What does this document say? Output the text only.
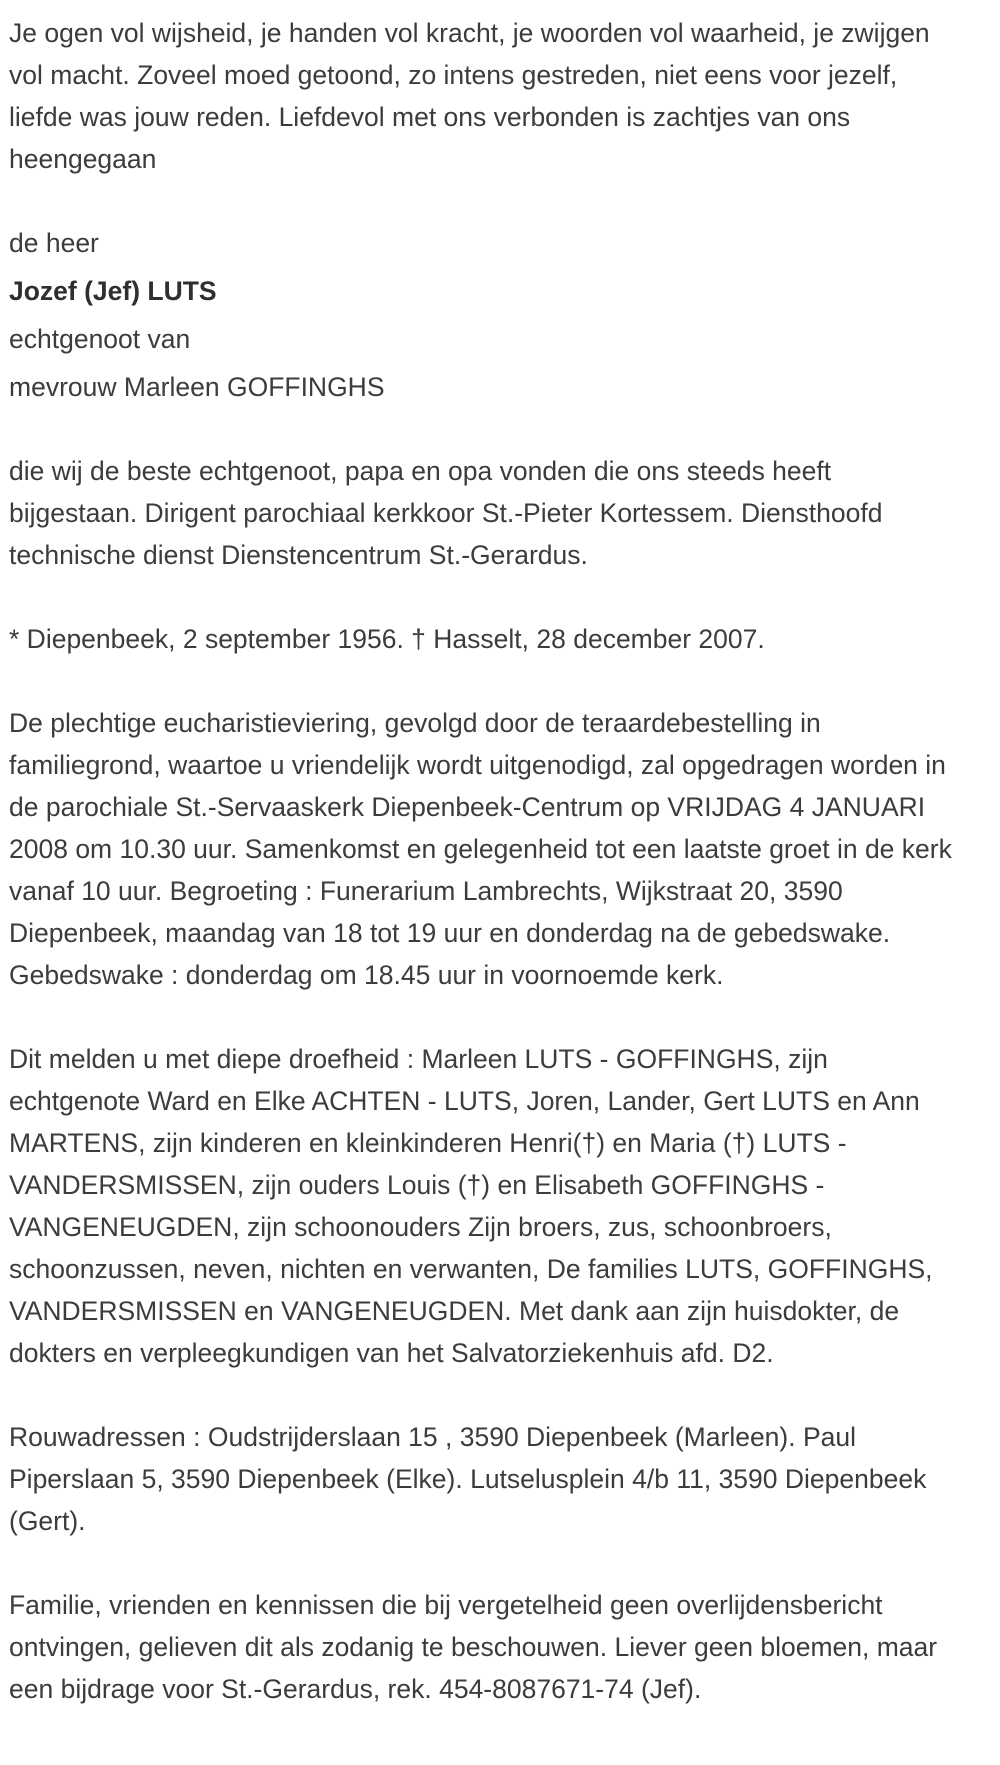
Je ogen vol wijsheid, je handen vol kracht, je woorden vol waarheid, je zwijgen vol macht. Zoveel moed getoond, zo intens gestreden, niet eens voor jezelf, liefde was jouw reden. Liefdevol met ons verbonden is zachtjes van ons heengegaan

de heer

Jozef (Jef) LUTS

echtgenoot van

mevrouw Marleen GOFFINGHS

die wij de beste echtgenoot, papa en opa vonden die ons steeds heeft bijgestaan. Dirigent parochiaal kerkkoor St.-Pieter Kortessem. Diensthoofd technische dienst Dienstencentrum St.-Gerardus.

* Diepenbeek, 2 september 1956. † Hasselt, 28 december 2007.

De plechtige eucharistieviering, gevolgd door de teraardebestelling in familiegrond, waartoe u vriendelijk wordt uitgenodigd, zal opgedragen worden in de parochiale St.-Servaaskerk Diepenbeek-Centrum op VRIJDAG 4 JANUARI 2008 om 10.30 uur. Samenkomst en gelegenheid tot een laatste groet in de kerk vanaf 10 uur. Begroeting : Funerarium Lambrechts, Wijkstraat 20, 3590 Diepenbeek, maandag van 18 tot 19 uur en donderdag na de gebedswake. Gebedswake : donderdag om 18.45 uur in voornoemde kerk.

Dit melden u met diepe droefheid : Marleen LUTS - GOFFINGHS, zijn echtgenote Ward en Elke ACHTEN - LUTS, Joren, Lander, Gert LUTS en Ann MARTENS, zijn kinderen en kleinkinderen Henri(†) en Maria (†) LUTS - VANDERSMISSEN, zijn ouders Louis (†) en Elisabeth GOFFINGHS - VANGENEUGDEN, zijn schoonouders Zijn broers, zus, schoonbroers, schoonzussen, neven, nichten en verwanten, De families LUTS, GOFFINGHS, VANDERSMISSEN en VANGENEUGDEN. Met dank aan zijn huisdokter, de dokters en verpleegkundigen van het Salvatorziekenhuis afd. D2.

Rouwadressen : Oudstrijderslaan 15 , 3590 Diepenbeek (Marleen). Paul Piperslaan 5, 3590 Diepenbeek (Elke). Lutselusplein 4/b 11, 3590 Diepenbeek (Gert).

Familie, vrienden en kennissen die bij vergetelheid geen overlijdensbericht ontvingen, gelieven dit als zodanig te beschouwen. Liever geen bloemen, maar een bijdrage voor St.-Gerardus, rek. 454-8087671-74 (Jef).
